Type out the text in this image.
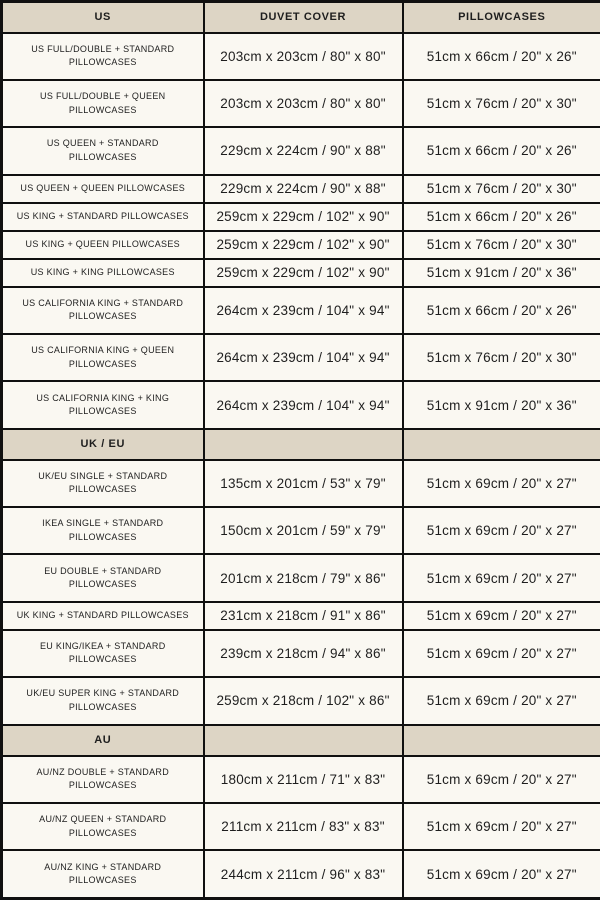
US	DUVET COVER	PILLOWCASES
US FULL/DOUBLE + STANDARD PILLOWCASES	203cm x 203cm / 80" x 80"	51cm x 66cm / 20" x 26"
US FULL/DOUBLE + QUEEN PILLOWCASES	203cm x 203cm / 80" x 80"	51cm x 76cm / 20" x 30"
US QUEEN + STANDARD PILLOWCASES	229cm x 224cm / 90" x 88"	51cm x 66cm / 20" x 26"
US QUEEN + QUEEN PILLOWCASES	229cm x 224cm / 90" x 88"	51cm x 76cm / 20" x 30"
US KING + STANDARD PILLOWCASES	259cm x 229cm / 102" x 90"	51cm x 66cm / 20" x 26"
US KING + QUEEN PILLOWCASES	259cm x 229cm / 102" x 90"	51cm x 76cm / 20" x 30"
US KING + KING PILLOWCASES	259cm x 229cm / 102" x 90"	51cm x 91cm / 20" x 36"
US CALIFORNIA KING + STANDARD PILLOWCASES	264cm x 239cm / 104" x 94"	51cm x 66cm / 20" x 26"
US CALIFORNIA KING + QUEEN PILLOWCASES	264cm x 239cm / 104" x 94"	51cm x 76cm / 20" x 30"
US CALIFORNIA KING + KING PILLOWCASES	264cm x 239cm / 104" x 94"	51cm x 91cm / 20" x 36"
UK / EU		
UK/EU SINGLE + STANDARD PILLOWCASES	135cm x 201cm / 53" x 79"	51cm x 69cm / 20" x 27"
IKEA SINGLE + STANDARD PILLOWCASES	150cm x 201cm / 59" x 79"	51cm x 69cm / 20" x 27"
EU DOUBLE + STANDARD PILLOWCASES	201cm x 218cm / 79" x 86"	51cm x 69cm / 20" x 27"
UK KING + STANDARD PILLOWCASES	231cm x 218cm / 91" x 86"	51cm x 69cm / 20" x 27"
EU KING/IKEA + STANDARD PILLOWCASES	239cm x 218cm / 94" x 86"	51cm x 69cm / 20" x 27"
UK/EU SUPER KING + STANDARD PILLOWCASES	259cm x 218cm / 102" x 86"	51cm x 69cm / 20" x 27"
AU		
AU/NZ DOUBLE + STANDARD PILLOWCASES	180cm x 211cm / 71" x 83"	51cm x 69cm / 20" x 27"
AU/NZ QUEEN + STANDARD PILLOWCASES	211cm x 211cm / 83" x 83"	51cm x 69cm / 20" x 27"
AU/NZ KING + STANDARD PILLOWCASES	244cm x 211cm / 96" x 83"	51cm x 69cm / 20" x 27"
